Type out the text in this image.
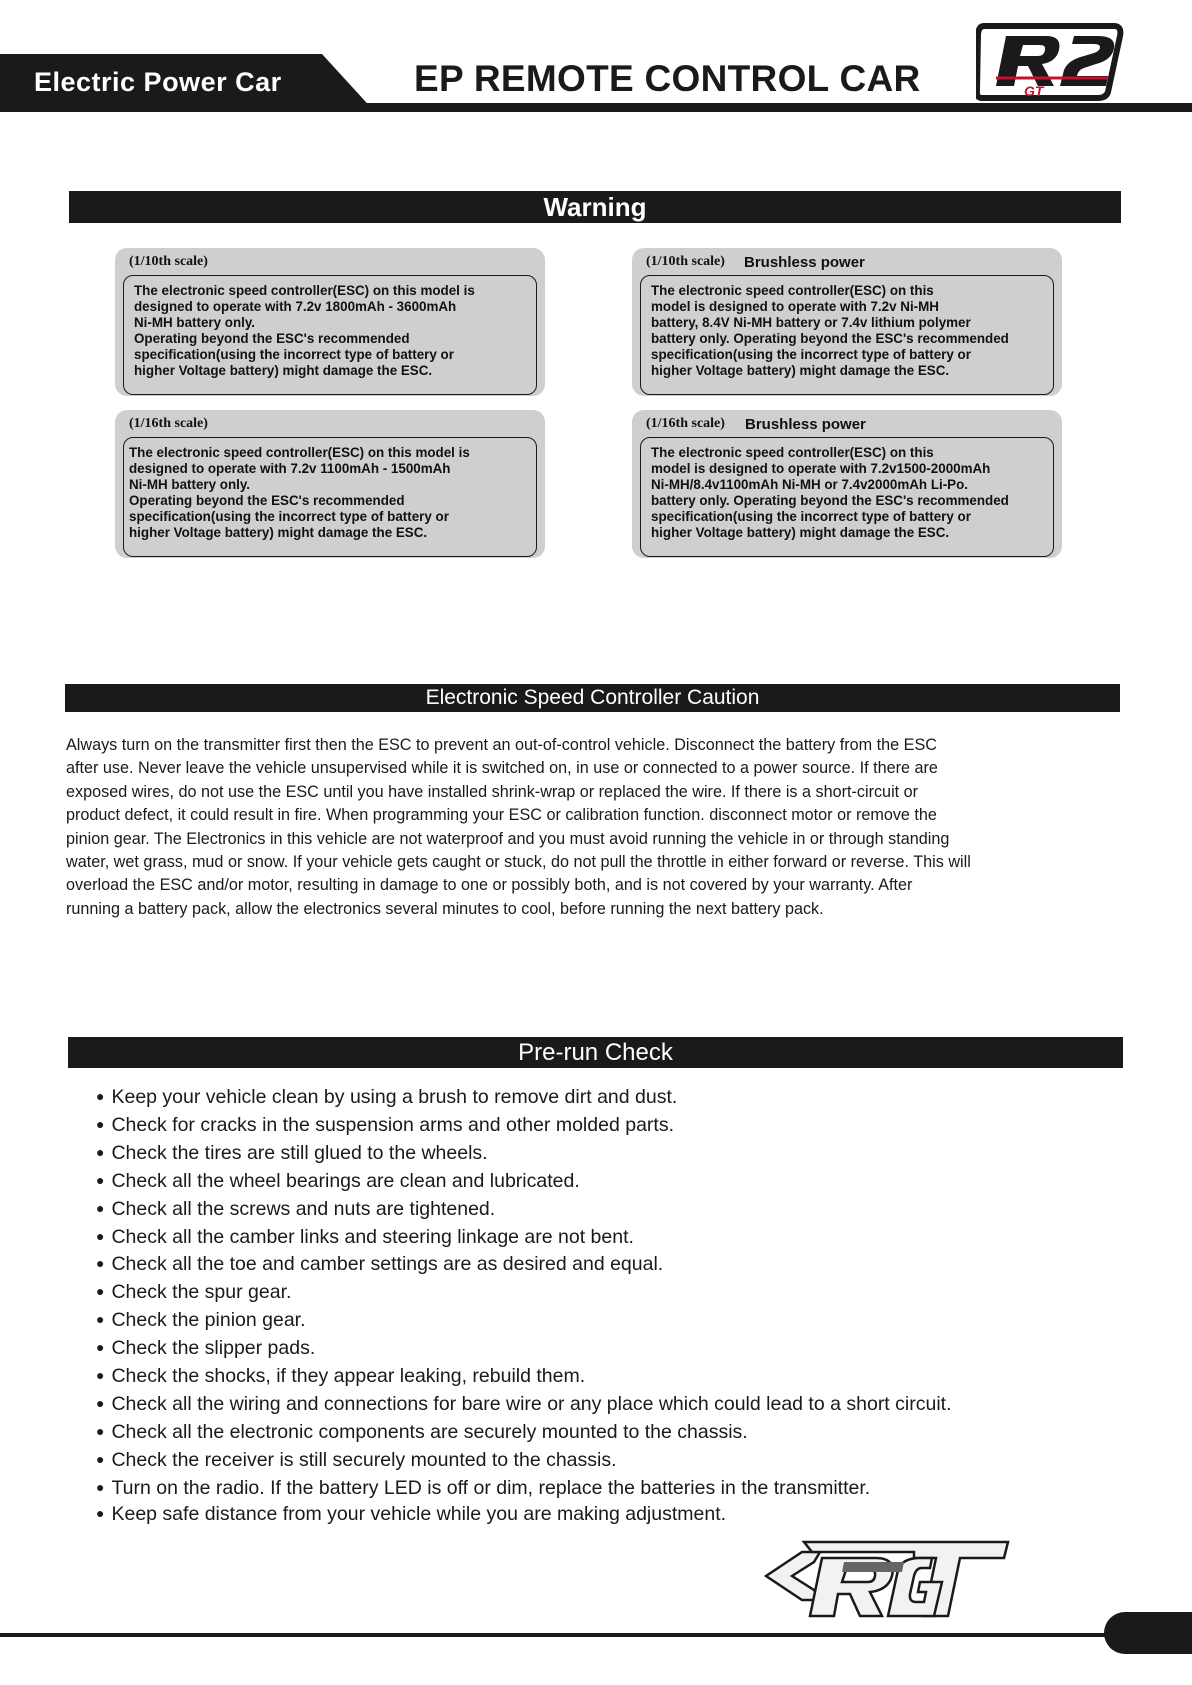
Electric Power Car	EP REMOTE CONTROL CAR	GT
Warning
(1/10th scale)
The electronic speed controller(ESC) on this model is
designed to operate with 7.2v 1800mAh - 3600mAh
Ni-MH battery only.
Operating beyond the ESC's recommended
specification(using the incorrect type of battery or
higher Voltage battery) might damage the ESC.
(1/10th scale) Brushless power
The electronic speed controller(ESC) on this
model is designed to operate with 7.2v Ni-MH
battery, 8.4V Ni-MH battery or 7.4v lithium polymer
battery only. Operating beyond the ESC's recommended
specification(using the incorrect type of battery or
higher Voltage battery) might damage the ESC.
(1/16th scale)
The electronic speed controller(ESC) on this model is
designed to operate with 7.2v 1100mAh - 1500mAh
Ni-MH battery only.
Operating beyond the ESC's recommended
specification(using the incorrect type of battery or
higher Voltage battery) might damage the ESC.
(1/16th scale) Brushless power
The electronic speed controller(ESC) on this
model is designed to operate with 7.2v1500-2000mAh
Ni-MH/8.4v1100mAh Ni-MH or 7.4v2000mAh Li-Po.
battery only. Operating beyond the ESC's recommended
specification(using the incorrect type of battery or
higher Voltage battery) might damage the ESC.
Electronic Speed Controller Caution
Always turn on the transmitter first then the ESC to prevent an out-of-control vehicle. Disconnect the battery from the ESC
after use. Never leave the vehicle unsupervised while it is switched on, in use or connected to a power source. If there are
exposed wires, do not use the ESC until you have installed shrink-wrap or replaced the wire. If there is a short-circuit or
product defect, it could result in fire. When programming your ESC or calibration function. disconnect motor or remove the
pinion gear. The Electronics in this vehicle are not waterproof and you must avoid running the vehicle in or through standing
water, wet grass, mud or snow. If your vehicle gets caught or stuck, do not pull the throttle in either forward or reverse. This will
overload the ESC and/or motor, resulting in damage to one or possibly both, and is not covered by your warranty. After
running a battery pack, allow the electronics several minutes to cool, before running the next battery pack.
Pre-run Check
● Keep your vehicle clean by using a brush to remove dirt and dust.
● Check for cracks in the suspension arms and other molded parts.
● Check the tires are still glued to the wheels.
● Check all the wheel bearings are clean and lubricated.
● Check all the screws and nuts are tightened.
● Check all the camber links and steering linkage are not bent.
● Check all the toe and camber settings are as desired and equal.
● Check the spur gear.
● Check the pinion gear.
● Check the slipper pads.
● Check the shocks, if they appear leaking, rebuild them.
● Check all the wiring and connections for bare wire or any place which could lead to a short circuit.
● Check all the electronic components are securely mounted to the chassis.
● Check the receiver is still securely mounted to the chassis.
● Turn on the radio. If the battery LED is off or dim, replace the batteries in the transmitter.
● Keep safe distance from your vehicle while you are making adjustment.
